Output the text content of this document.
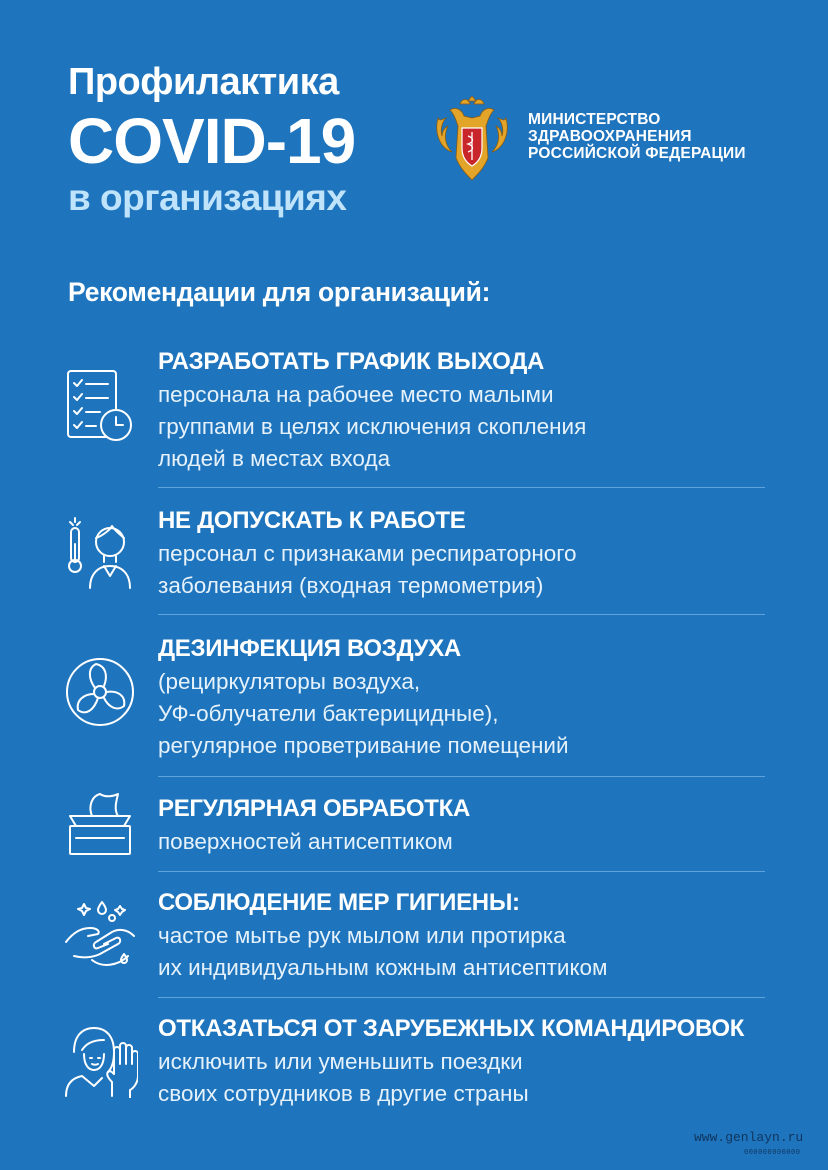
Профилактика
COVID-19
в организациях
МИНИСТЕРСТВО
ЗДРАВООХРАНЕНИЯ
РОССИЙСКОЙ ФЕДЕРАЦИИ
Рекомендации для организаций:
РАЗРАБОТАТЬ ГРАФИК ВЫХОДА
персонала на рабочее место малыми
группами в целях исключения скопления
людей в местах входа
НЕ ДОПУСКАТЬ К РАБОТЕ
персонал с признаками респираторного
заболевания (входная термометрия)
ДЕЗИНФЕКЦИЯ ВОЗДУХА
(рециркуляторы воздуха,
УФ-облучатели бактерицидные),
регулярное проветривание помещений
РЕГУЛЯРНАЯ ОБРАБОТКА
поверхностей антисептиком
СОБЛЮДЕНИЕ МЕР ГИГИЕНЫ:
частое мытье рук мылом или протирка
их индивидуальным кожным антисептиком
ОТКАЗАТЬСЯ ОТ ЗАРУБЕЖНЫХ КОМАНДИРОВОК
исключить или уменьшить поездки
своих сотрудников в другие страны
www.genlayn.ru
000000000000
